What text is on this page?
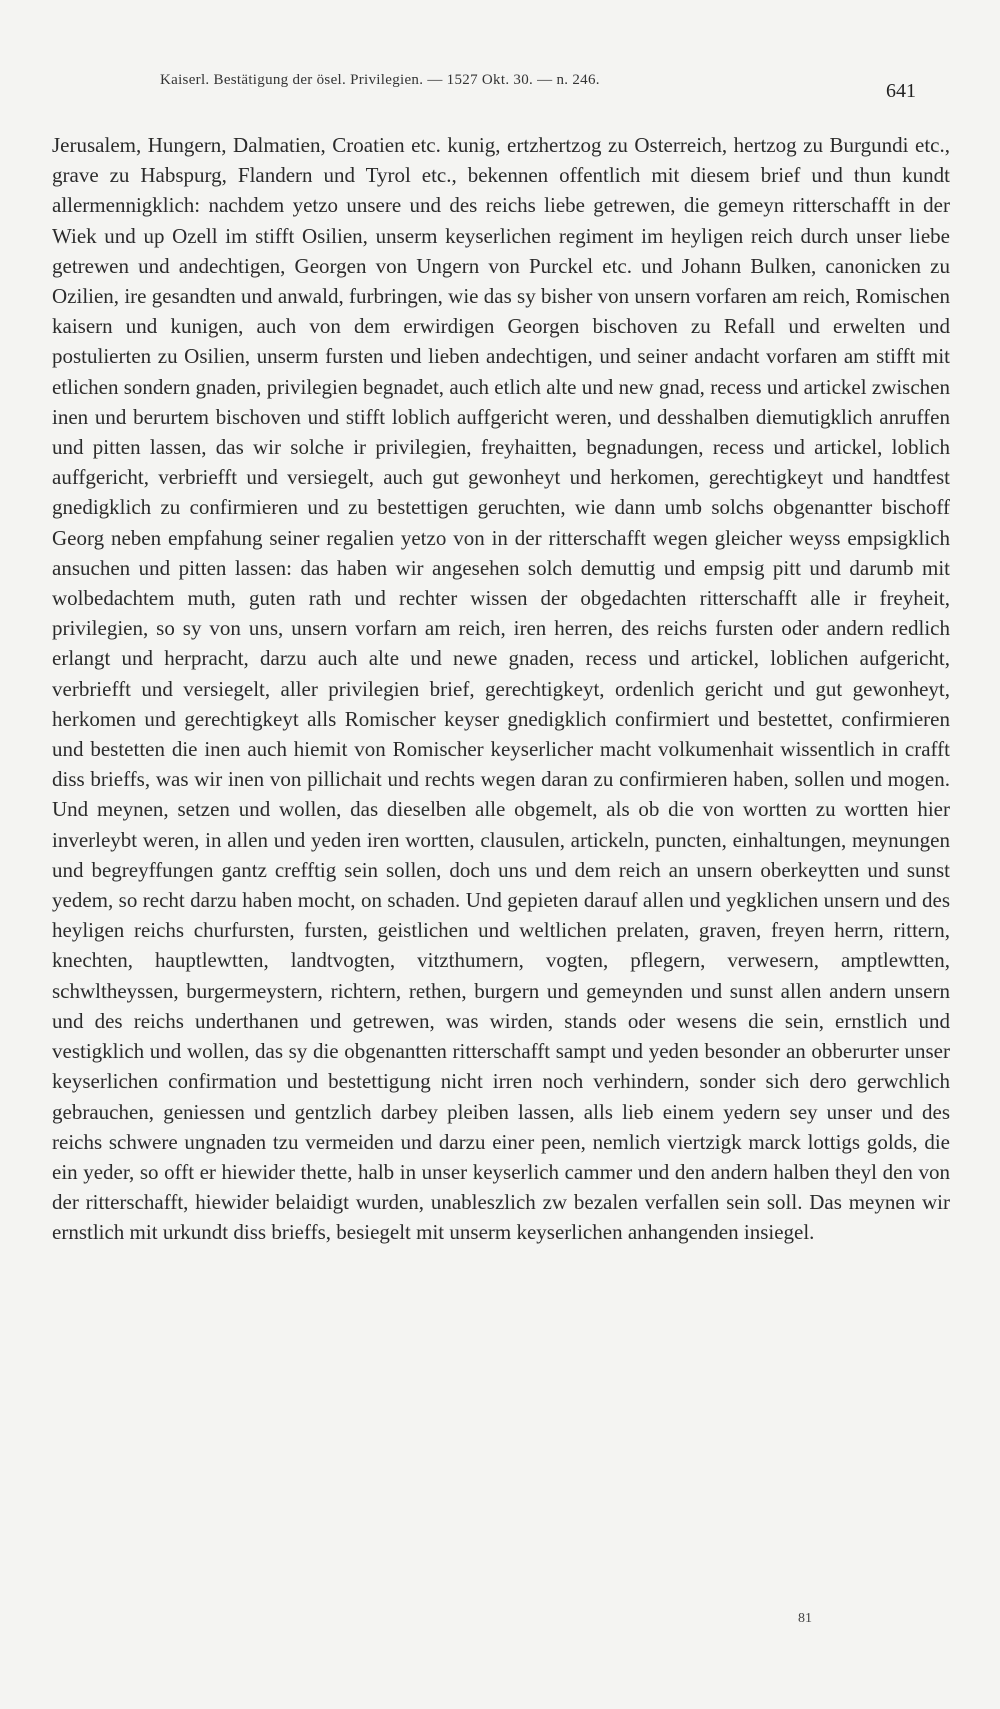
Kaiserl. Bestätigung der ösel. Privilegien. — 1527 Okt. 30. — n. 246.	641

Jerusalem, Hungern, Dalmatien, Croatien etc. kunig, ertzhertzog zu Osterreich, hertzog zu Burgundi etc., grave zu Habspurg, Flandern und Tyrol etc., bekennen offentlich mit diesem brief und thun kundt allermennigklich: nachdem yetzo unsere und des reichs liebe getrewen, die gemeyn ritterschafft in der Wiek und up Ozell im stifft Osilien, unserm keyserlichen regiment im heyligen reich durch unser liebe getrewen und andechtigen, Georgen von Ungern von Purckel etc. und Johann Bulken, canonicken zu Ozilien, ire gesandten und anwald, furbringen, wie das sy bisher von unsern vorfaren am reich, Romischen kaisern und kunigen, auch von dem erwirdigen Georgen bischoven zu Refall und erwelten und postulierten zu Osilien, unserm fursten und lieben andechtigen, und seiner andacht vorfaren am stifft mit etlichen sondern gnaden, privilegien begnadet, auch etlich alte und new gnad, recess und artickel zwischen inen und berurtem bischoven und stifft loblich auffgericht weren, und desshalben diemutigklich anruffen und pitten lassen, das wir solche ir privilegien, freyhaitten, begnadungen, recess und artickel, loblich auffgericht, verbriefft und versiegelt, auch gut gewonheyt und herkomen, gerechtigkeyt und handtfest gnedigklich zu confirmieren und zu bestettigen geruchten, wie dann umb solchs obgenantter bischoff Georg neben empfahung seiner regalien yetzo von in der ritterschafft wegen gleicher weyss empsigklich ansuchen und pitten lassen: das haben wir angesehen solch demuttig und empsig pitt und darumb mit wolbedachtem muth, guten rath und rechter wissen der obgedachten ritterschafft alle ir freyheit, privilegien, so sy von uns, unsern vorfarn am reich, iren herren, des reichs fursten oder andern redlich erlangt und herpracht, darzu auch alte und newe gnaden, recess und artickel, loblichen aufgericht, verbriefft und versiegelt, aller privilegien brief, gerechtigkeyt, ordenlich gericht und gut gewonheyt, herkomen und gerechtigkeyt alls Romischer keyser gnedigklich confirmiert und bestettet, confirmieren und bestetten die inen auch hiemit von Romischer keyserlicher macht volkumenhait wissentlich in crafft diss brieffs, was wir inen von pillichait und rechts wegen daran zu confirmieren haben, sollen und mogen. Und meynen, setzen und wollen, das dieselben alle obgemelt, als ob die von wortten zu wortten hier inverleybt weren, in allen und yeden iren wortten, clausulen, artickeln, puncten, einhaltungen, meynungen und begreyffungen gantz crefftig sein sollen, doch uns und dem reich an unsern oberkeytten und sunst yedem, so recht darzu haben mocht, on schaden. Und gepieten darauf allen und yegklichen unsern und des heyligen reichs churfursten, fursten, geistlichen und weltlichen prelaten, graven, freyen herrn, rittern, knechten, hauptlewtten, landtvogten, vitzthumern, vogten, pflegern, verwesern, amptlewtten, schwltheyssen, burgermeystern, richtern, rethen, burgern und gemeynden und sunst allen andern unsern und des reichs underthanen und getrewen, was wirden, stands oder wesens die sein, ernstlich und vestigklich und wollen, das sy die obgenantten ritterschafft sampt und yeden besonder an obberurter unser keyserlichen confirmation und bestettigung nicht irren noch verhindern, sonder sich dero gerwchlich gebrauchen, geniessen und gentzlich darbey pleiben lassen, alls lieb einem yedern sey unser und des reichs schwere ungnaden tzu vermeiden und darzu einer peen, nemlich viertzigk marck lottigs golds, die ein yeder, so offt er hiewider thette, halb in unser keyserlich cammer und den andern halben theyl den von der ritterschafft, hiewider belaidigt wurden, unableszlich zw bezalen verfallen sein soll. Das meynen wir ernstlich mit urkundt diss brieffs, besiegelt mit unserm keyserlichen anhangenden insiegel.

81
